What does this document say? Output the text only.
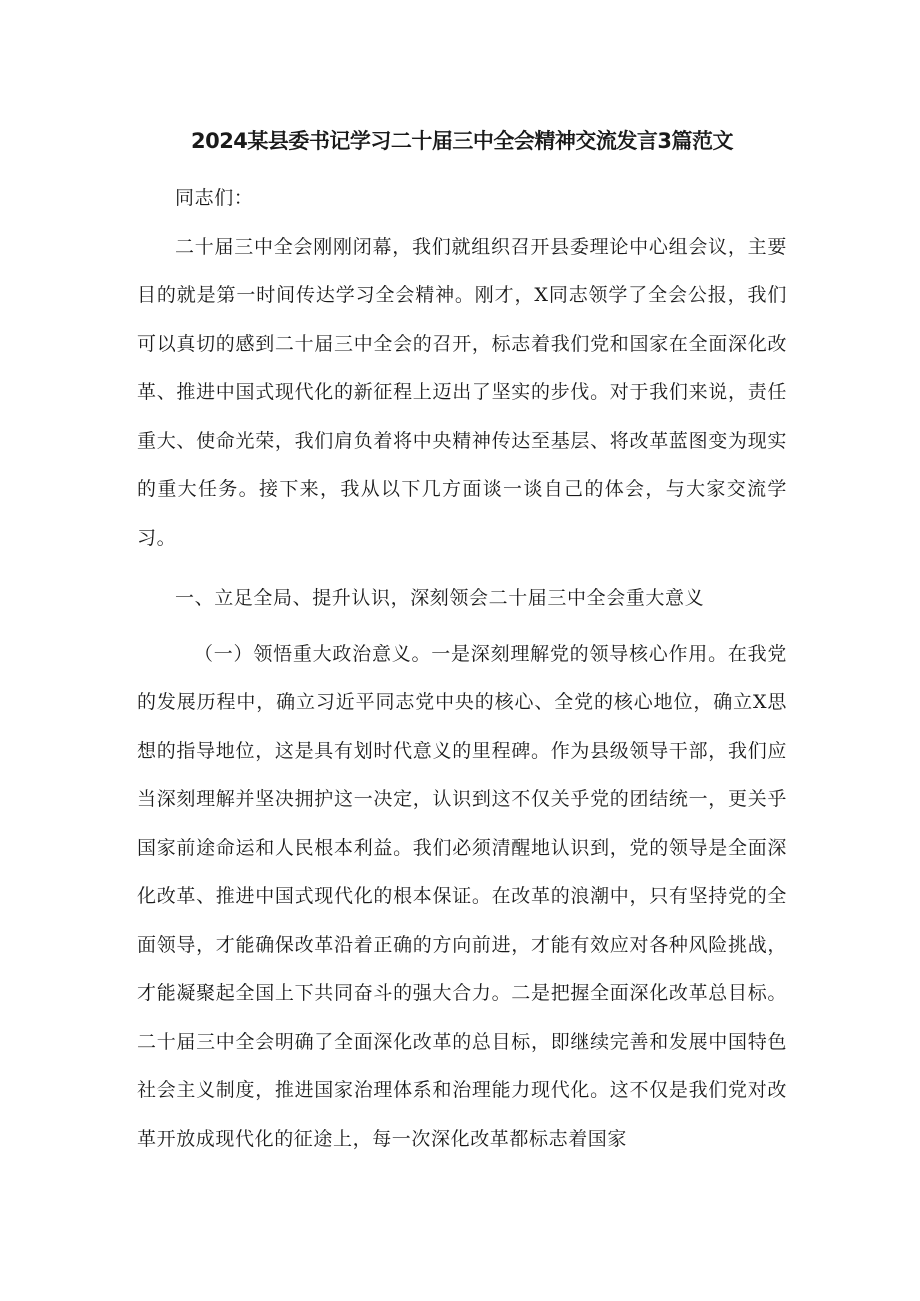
2024某县委书记学习二十届三中全会精神交流发言3篇范文

同志们：

二十届三中全会刚刚闭幕，我们就组织召开县委理论中心组会议，主要目的就是第一时间传达学习全会精神。刚才，X同志领学了全会公报，我们可以真切的感到二十届三中全会的召开，标志着我们党和国家在全面深化改革、推进中国式现代化的新征程上迈出了坚实的步伐。对于我们来说，责任重大、使命光荣，我们肩负着将中央精神传达至基层、将改革蓝图变为现实的重大任务。接下来，我从以下几方面谈一谈自己的体会，与大家交流学习。

一、立足全局、提升认识，深刻领会二十届三中全会重大意义

（一）领悟重大政治意义。一是深刻理解党的领导核心作用。在我党的发展历程中，确立习近平同志党中央的核心、全党的核心地位，确立X思想的指导地位，这是具有划时代意义的里程碑。作为县级领导干部，我们应当深刻理解并坚决拥护这一决定，认识到这不仅关乎党的团结统一，更关乎国家前途命运和人民根本利益。我们必须清醒地认识到，党的领导是全面深化改革、推进中国式现代化的根本保证。在改革的浪潮中，只有坚持党的全面领导，才能确保改革沿着正确的方向前进，才能有效应对各种风险挑战，才能凝聚起全国上下共同奋斗的强大合力。二是把握全面深化改革总目标。二十届三中全会明确了全面深化改革的总目标，即继续完善和发展中国特色社会主义制度，推进国家治理体系和治理能力现代化。这不仅是我们党对改革开放成现代化的征途上，每一次深化改革都标志着国家
